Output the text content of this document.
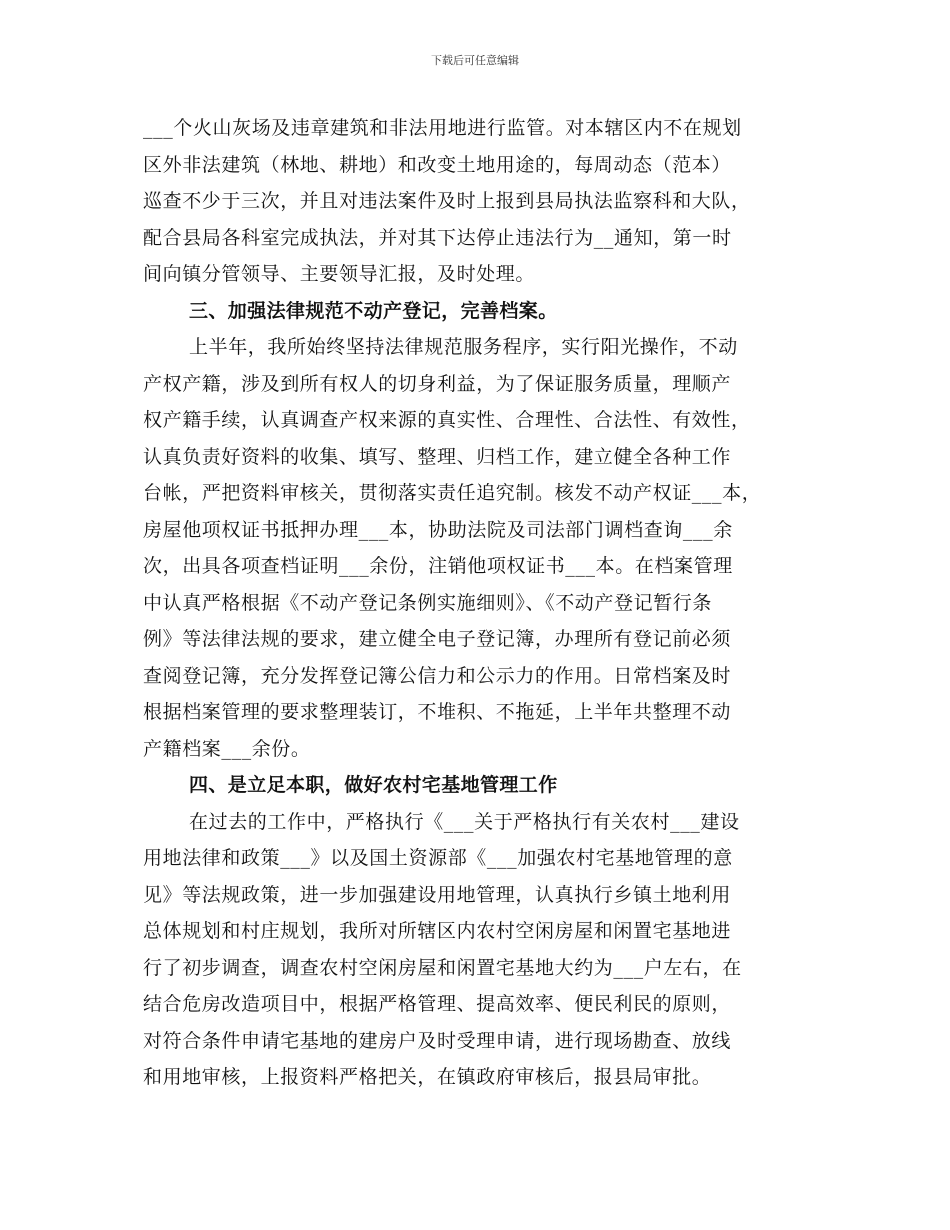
下载后可任意编辑
___个火山灰场及违章建筑和非法用地进行监管。对本辖区内不在规划
区外非法建筑（林地、耕地）和改变土地用途的，每周动态（范本）
巡查不少于三次，并且对违法案件及时上报到县局执法监察科和大队，
配合县局各科室完成执法，并对其下达停止违法行为__通知，第一时
间向镇分管领导、主要领导汇报，及时处理。
三、加强法律规范不动产登记，完善档案。
上半年，我所始终坚持法律规范服务程序，实行阳光操作，不动
产权产籍，涉及到所有权人的切身利益，为了保证服务质量，理顺产
权产籍手续，认真调查产权来源的真实性、合理性、合法性、有效性，
认真负责好资料的收集、填写、整理、归档工作，建立健全各种工作
台帐，严把资料审核关，贯彻落实责任追究制。核发不动产权证___本，
房屋他项权证书抵押办理___本，协助法院及司法部门调档查询___余
次，出具各项查档证明___余份，注销他项权证书___本。在档案管理
中认真严格根据《不动产登记条例实施细则》、《不动产登记暂行条
例》等法律法规的要求，建立健全电子登记簿，办理所有登记前必须
查阅登记簿，充分发挥登记簿公信力和公示力的作用。日常档案及时
根据档案管理的要求整理装订，不堆积、不拖延，上半年共整理不动
产籍档案___余份。
四、是立足本职，做好农村宅基地管理工作
在过去的工作中，严格执行《___关于严格执行有关农村___建设
用地法律和政策___》以及国土资源部《___加强农村宅基地管理的意
见》等法规政策，进一步加强建设用地管理，认真执行乡镇土地利用
总体规划和村庄规划，我所对所辖区内农村空闲房屋和闲置宅基地进
行了初步调查，调查农村空闲房屋和闲置宅基地大约为___户左右，在
结合危房改造项目中，根据严格管理、提高效率、便民利民的原则，
对符合条件申请宅基地的建房户及时受理申请，进行现场勘查、放线
和用地审核，上报资料严格把关，在镇政府审核后，报县局审批。
